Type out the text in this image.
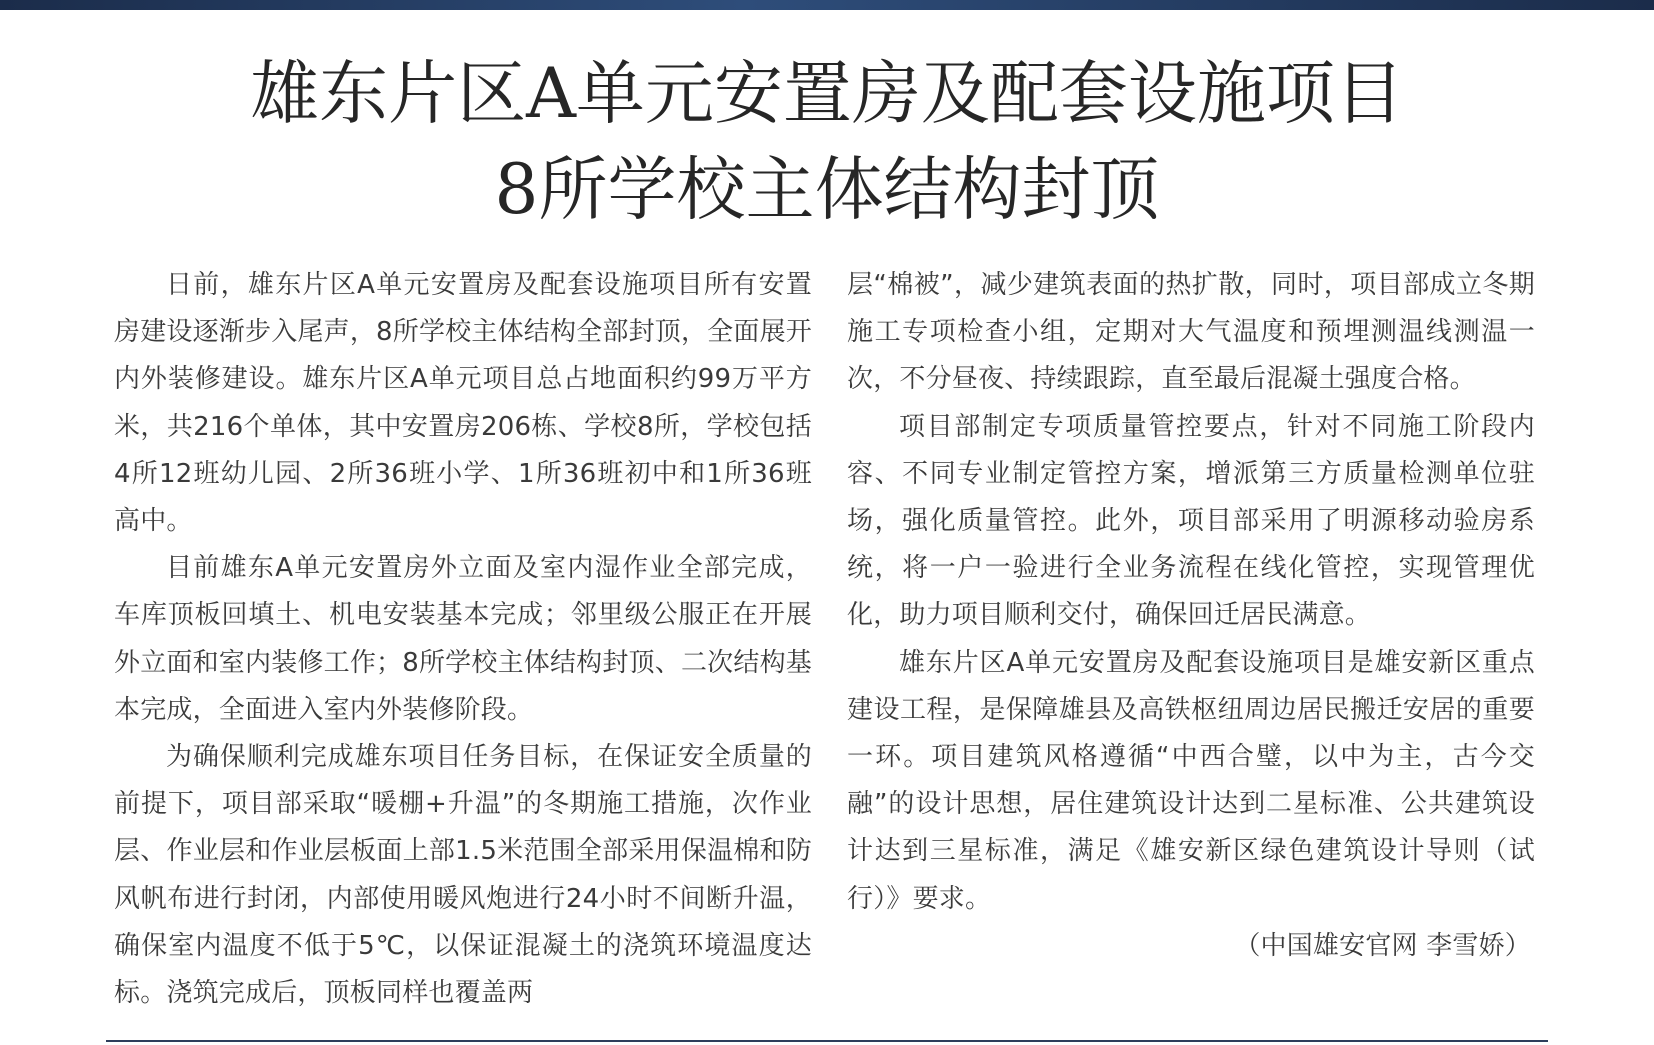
雄东片区A单元安置房及配套设施项目
8所学校主体结构封顶

日前，雄东片区A单元安置房及配套设施项目所有安置房建设逐渐步入尾声，8所学校主体结构全部封顶，全面展开内外装修建设。雄东片区A单元项目总占地面积约99万平方米，共216个单体，其中安置房206栋、学校8所，学校包括4所12班幼儿园、2所36班小学、1所36班初中和1所36班高中。

目前雄东A单元安置房外立面及室内湿作业全部完成，车库顶板回填土、机电安装基本完成；邻里级公服正在开展外立面和室内装修工作；8所学校主体结构封顶、二次结构基本完成，全面进入室内外装修阶段。

为确保顺利完成雄东项目任务目标，在保证安全质量的前提下，项目部采取“暖棚+升温”的冬期施工措施，次作业层、作业层和作业层板面上部1.5米范围全部采用保温棉和防风帆布进行封闭，内部使用暖风炮进行24小时不间断升温，确保室内温度不低于5℃，以保证混凝土的浇筑环境温度达标。浇筑完成后，顶板同样也覆盖两

层“棉被”，减少建筑表面的热扩散，同时，项目部成立冬期施工专项检查小组，定期对大气温度和预埋测温线测温一次，不分昼夜、持续跟踪，直至最后混凝土强度合格。

项目部制定专项质量管控要点，针对不同施工阶段内容、不同专业制定管控方案，增派第三方质量检测单位驻场，强化质量管控。此外，项目部采用了明源移动验房系统，将一户一验进行全业务流程在线化管控，实现管理优化，助力项目顺利交付，确保回迁居民满意。

雄东片区A单元安置房及配套设施项目是雄安新区重点建设工程，是保障雄县及高铁枢纽周边居民搬迁安居的重要一环。项目建筑风格遵循“中西合璧，以中为主，古今交融”的设计思想，居住建筑设计达到二星标准、公共建筑设计达到三星标准，满足《雄安新区绿色建筑设计导则（试行）》要求。

（中国雄安官网 李雪娇）
